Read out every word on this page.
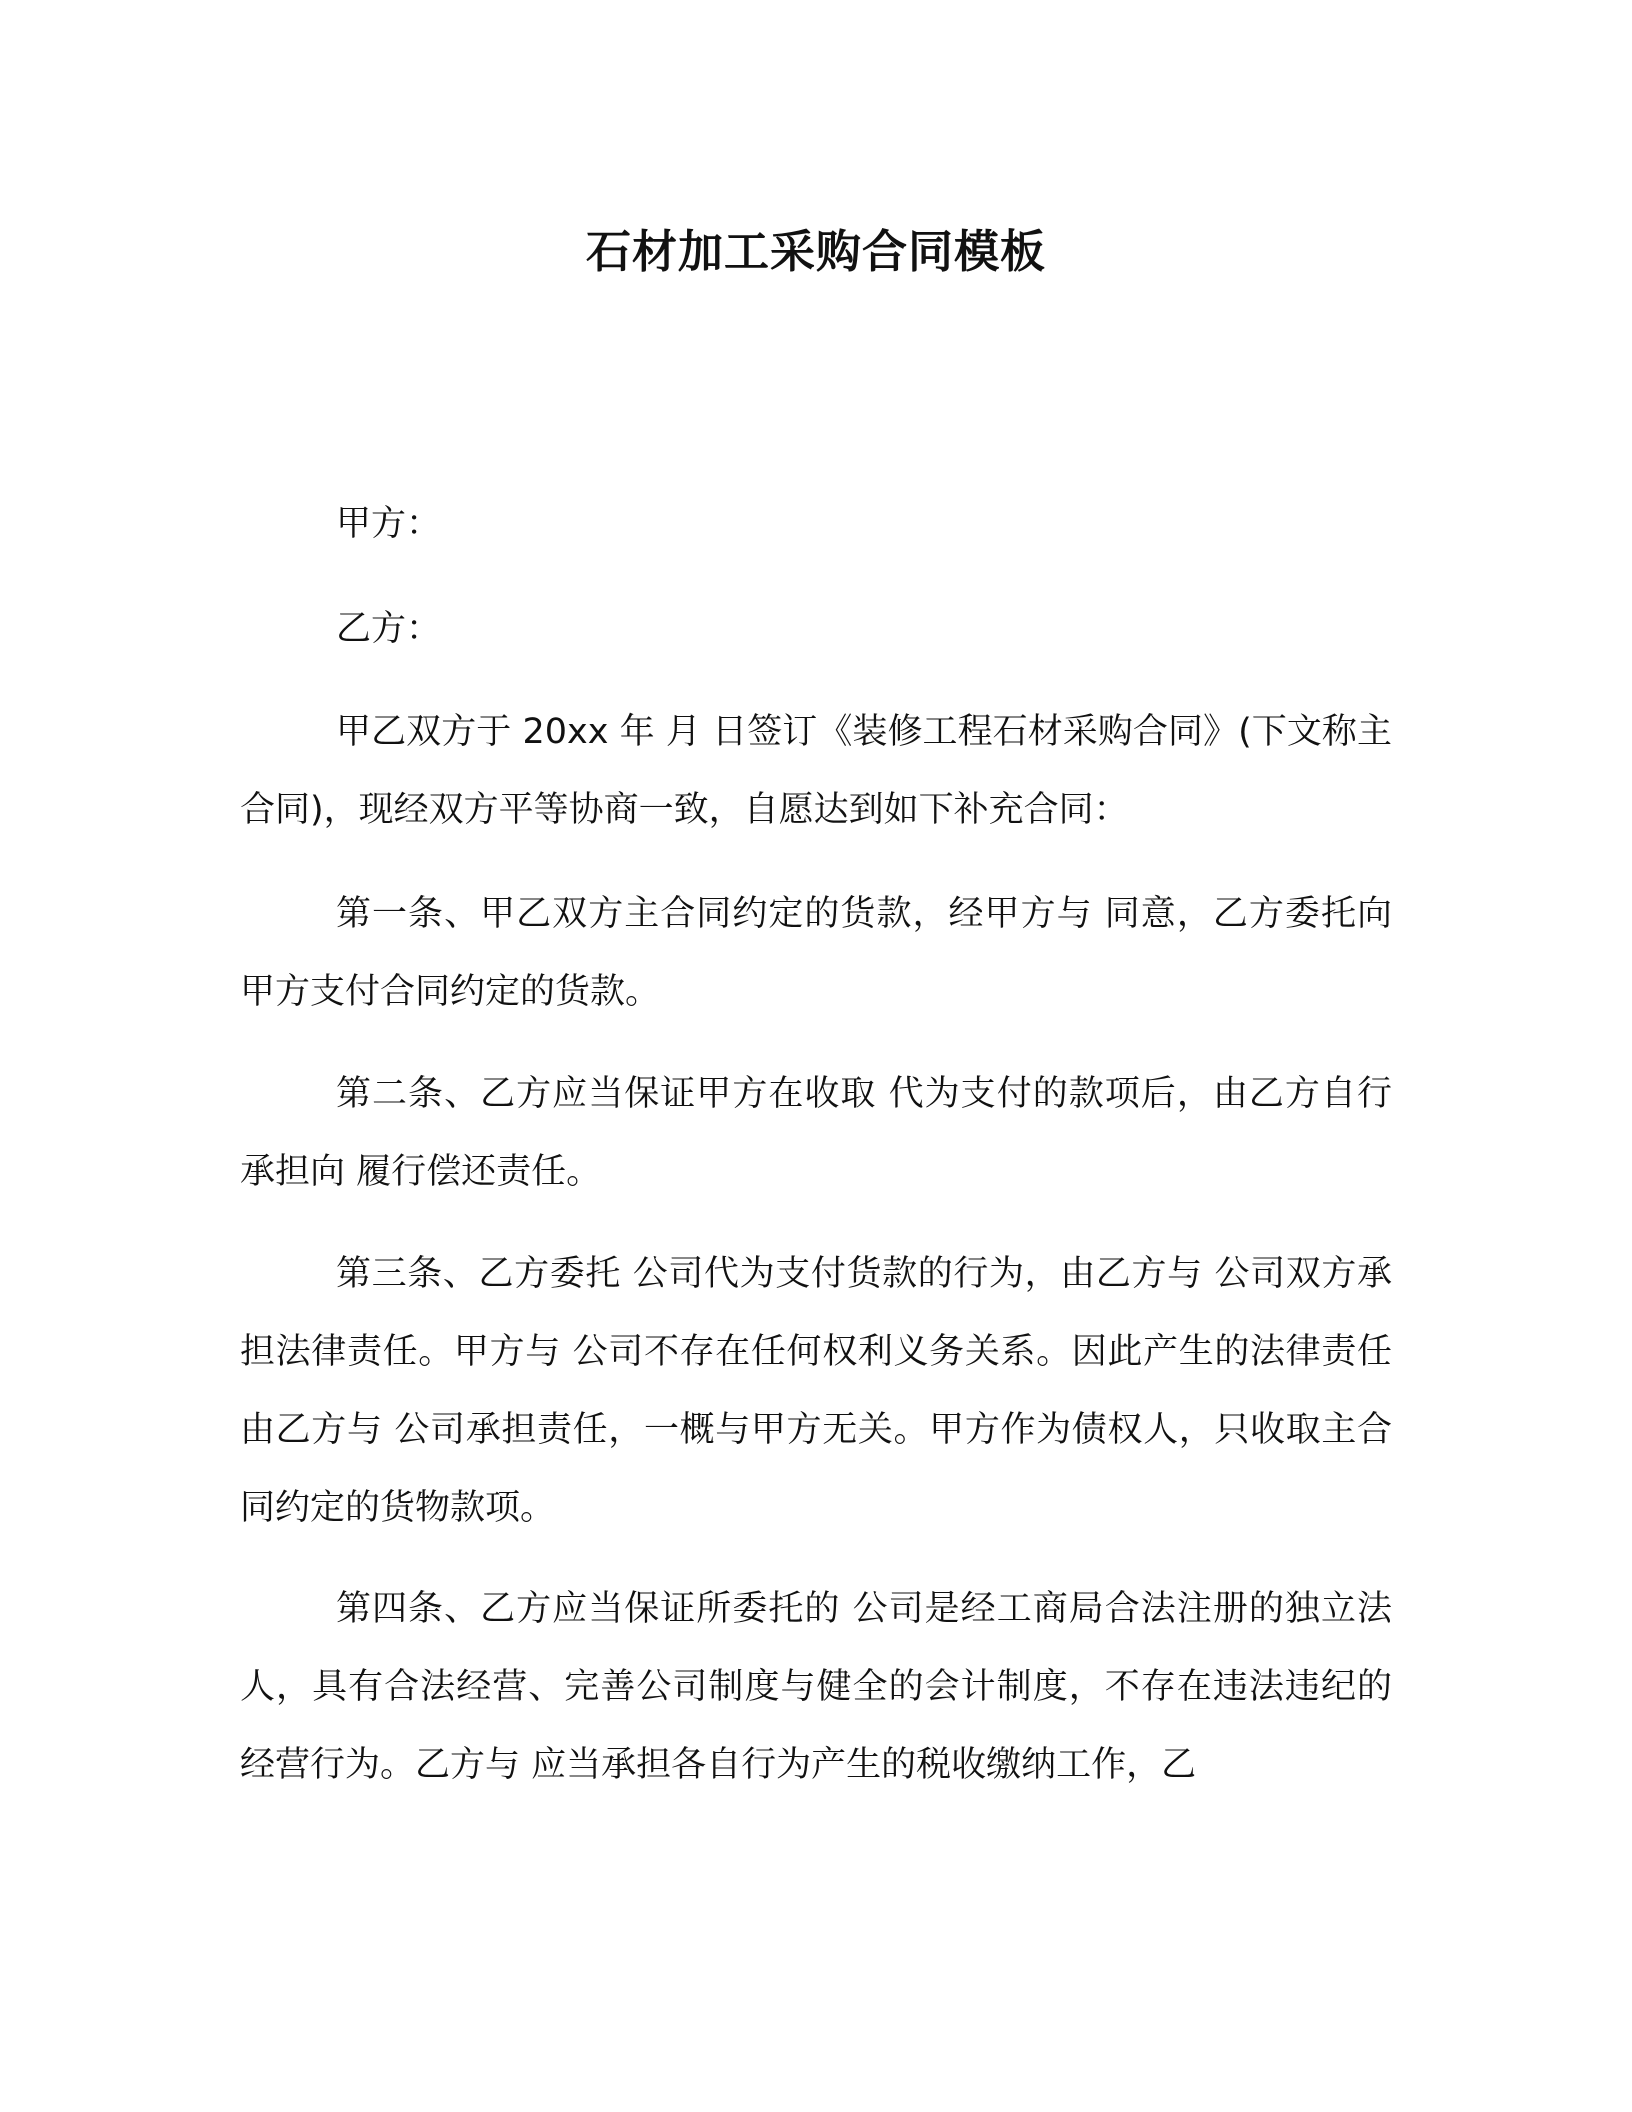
石材加工采购合同模板

甲方：

乙方：

甲乙双方于 20xx 年 月 日签订《装修工程石材采购合同》(下文称主合同)，现经双方平等协商一致，自愿达到如下补充合同：

第一条、甲乙双方主合同约定的货款，经甲方与 同意，乙方委托向甲方支付合同约定的货款。

第二条、乙方应当保证甲方在收取 代为支付的款项后，由乙方自行承担向 履行偿还责任。

第三条、乙方委托 公司代为支付货款的行为，由乙方与 公司双方承担法律责任。甲方与 公司不存在任何权利义务关系。因此产生的法律责任由乙方与 公司承担责任，一概与甲方无关。甲方作为债权人，只收取主合同约定的货物款项。

第四条、乙方应当保证所委托的 公司是经工商局合法注册的独立法人，具有合法经营、完善公司制度与健全的会计制度，不存在违法违纪的经营行为。乙方与 应当承担各自行为产生的税收缴纳工作，乙
